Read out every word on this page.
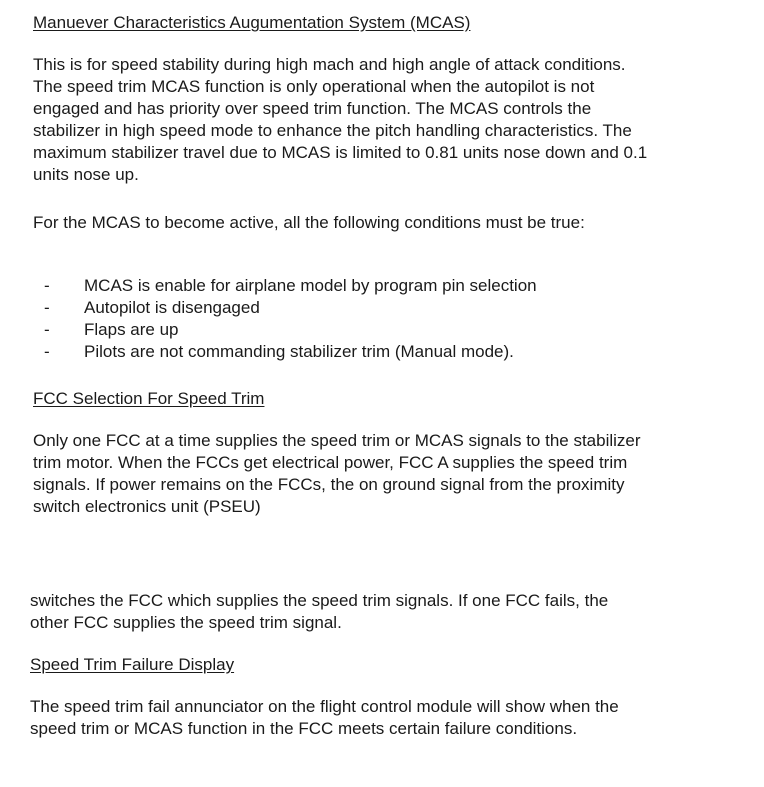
Manuever Characteristics Augumentation System (MCAS)

This is for speed stability during high mach and high angle of attack conditions. The speed trim MCAS function is only operational when the autopilot is not engaged and has priority over speed trim function. The MCAS controls the stabilizer in high speed mode to enhance the pitch handling characteristics. The maximum stabilizer travel due to MCAS is limited to 0.81 units nose down and 0.1 units nose up.

For the MCAS to become active, all the following conditions must be true:

- MCAS is enable for airplane model by program pin selection
- Autopilot is disengaged
- Flaps are up
- Pilots are not commanding stabilizer trim (Manual mode).
FCC Selection For Speed Trim

Only one FCC at a time supplies the speed trim or MCAS signals to the stabilizer trim motor. When the FCCs get electrical power, FCC A supplies the speed trim signals. If power remains on the FCCs, the on ground signal from the proximity switch electronics unit (PSEU)

switches the FCC which supplies the speed trim signals. If one FCC fails, the other FCC supplies the speed trim signal.

Speed Trim Failure Display

The speed trim fail annunciator on the flight control module will show when the speed trim or MCAS function in the FCC meets certain failure conditions.
